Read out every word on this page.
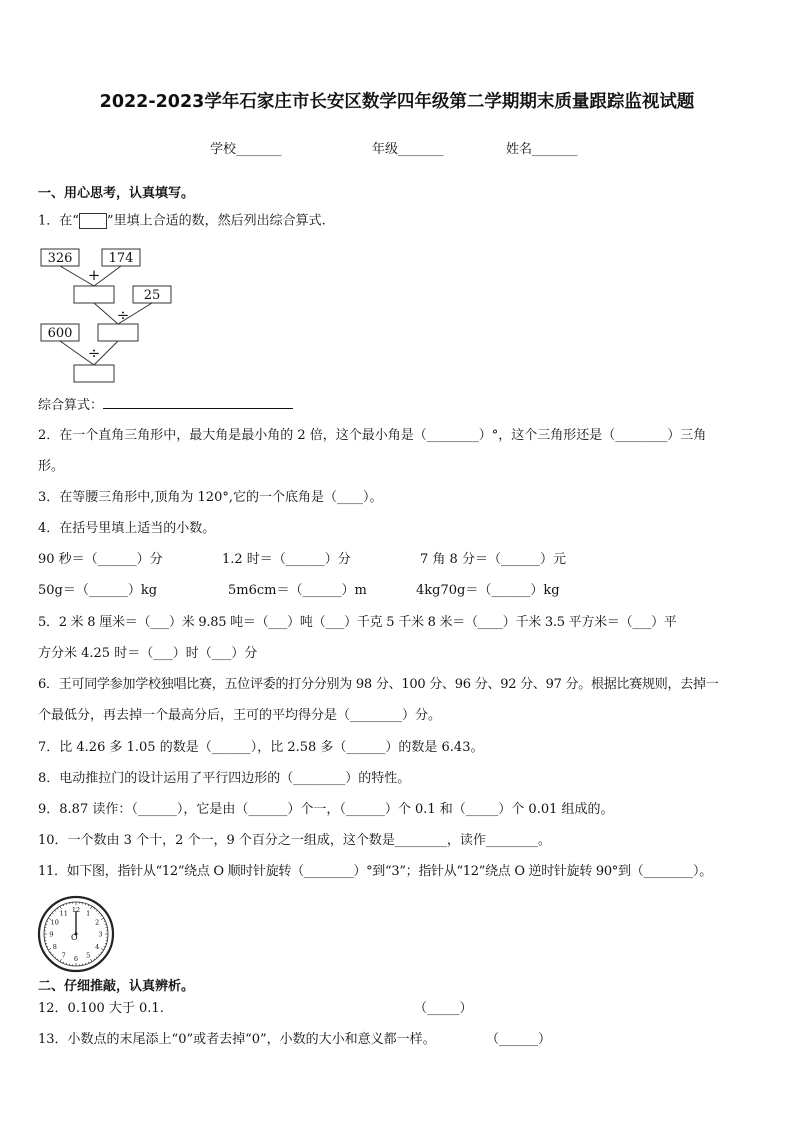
2022-2023学年石家庄市长安区数学四年级第二学期期末质量跟踪监视试题
学校_______	年级_______	姓名_______
一、用心思考，认真填写。
1．在“ ”里填上合适的数，然后列出综合算式.
326	174
25
600
+
÷
÷
综合算式：
2．在一个直角三角形中，最大角是最小角的 2 倍，这个最小角是（________）°，这个三角形还是（________）三角
形。
3．在等腰三角形中,顶角为 120°,它的一个底角是（____）。
4．在括号里填上适当的小数。
90 秒＝（______）分	1.2 时＝（______）分	7 角 8 分＝（______）元
50g＝（______）kg	5m6cm＝（______）m	4kg70g＝（______）kg
5．2 米 8 厘米＝（___）米 9.85 吨＝（___）吨（___）千克 5 千米 8 米＝（____）千米 3.5 平方米＝（___）平
方分米 4.25 时＝（___）时（___）分
6．王可同学参加学校独唱比赛，五位评委的打分分别为 98 分、100 分、96 分、92 分、97 分。根据比赛规则，去掉一
个最低分，再去掉一个最高分后，王可的平均得分是（________）分。
7．比 4.26 多 1.05 的数是（______），比 2.58 多（______）的数是 6.43。
8．电动推拉门的设计运用了平行四边形的（________）的特性。
9．8.87 读作：（______），它是由（______）个一，（______）个 0.1 和（_____）个 0.01 组成的。
10．一个数由 3 个十，2 个一，9 个百分之一组成，这个数是________，读作________。
11．如下图，指针从“12”绕点 O 顺时针旋转（________）°到“3”；指针从“12”绕点 O 逆时针旋转 90°到（________）。
O
12 1
2
3
4
5
6
7
8
9
10
11
二、仔细推敲，认真辨析。
12．0.100 大于 0.1.	（_____）
13．小数点的末尾添上“0”或者去掉“0”，小数的大小和意义都一样。	（______）
